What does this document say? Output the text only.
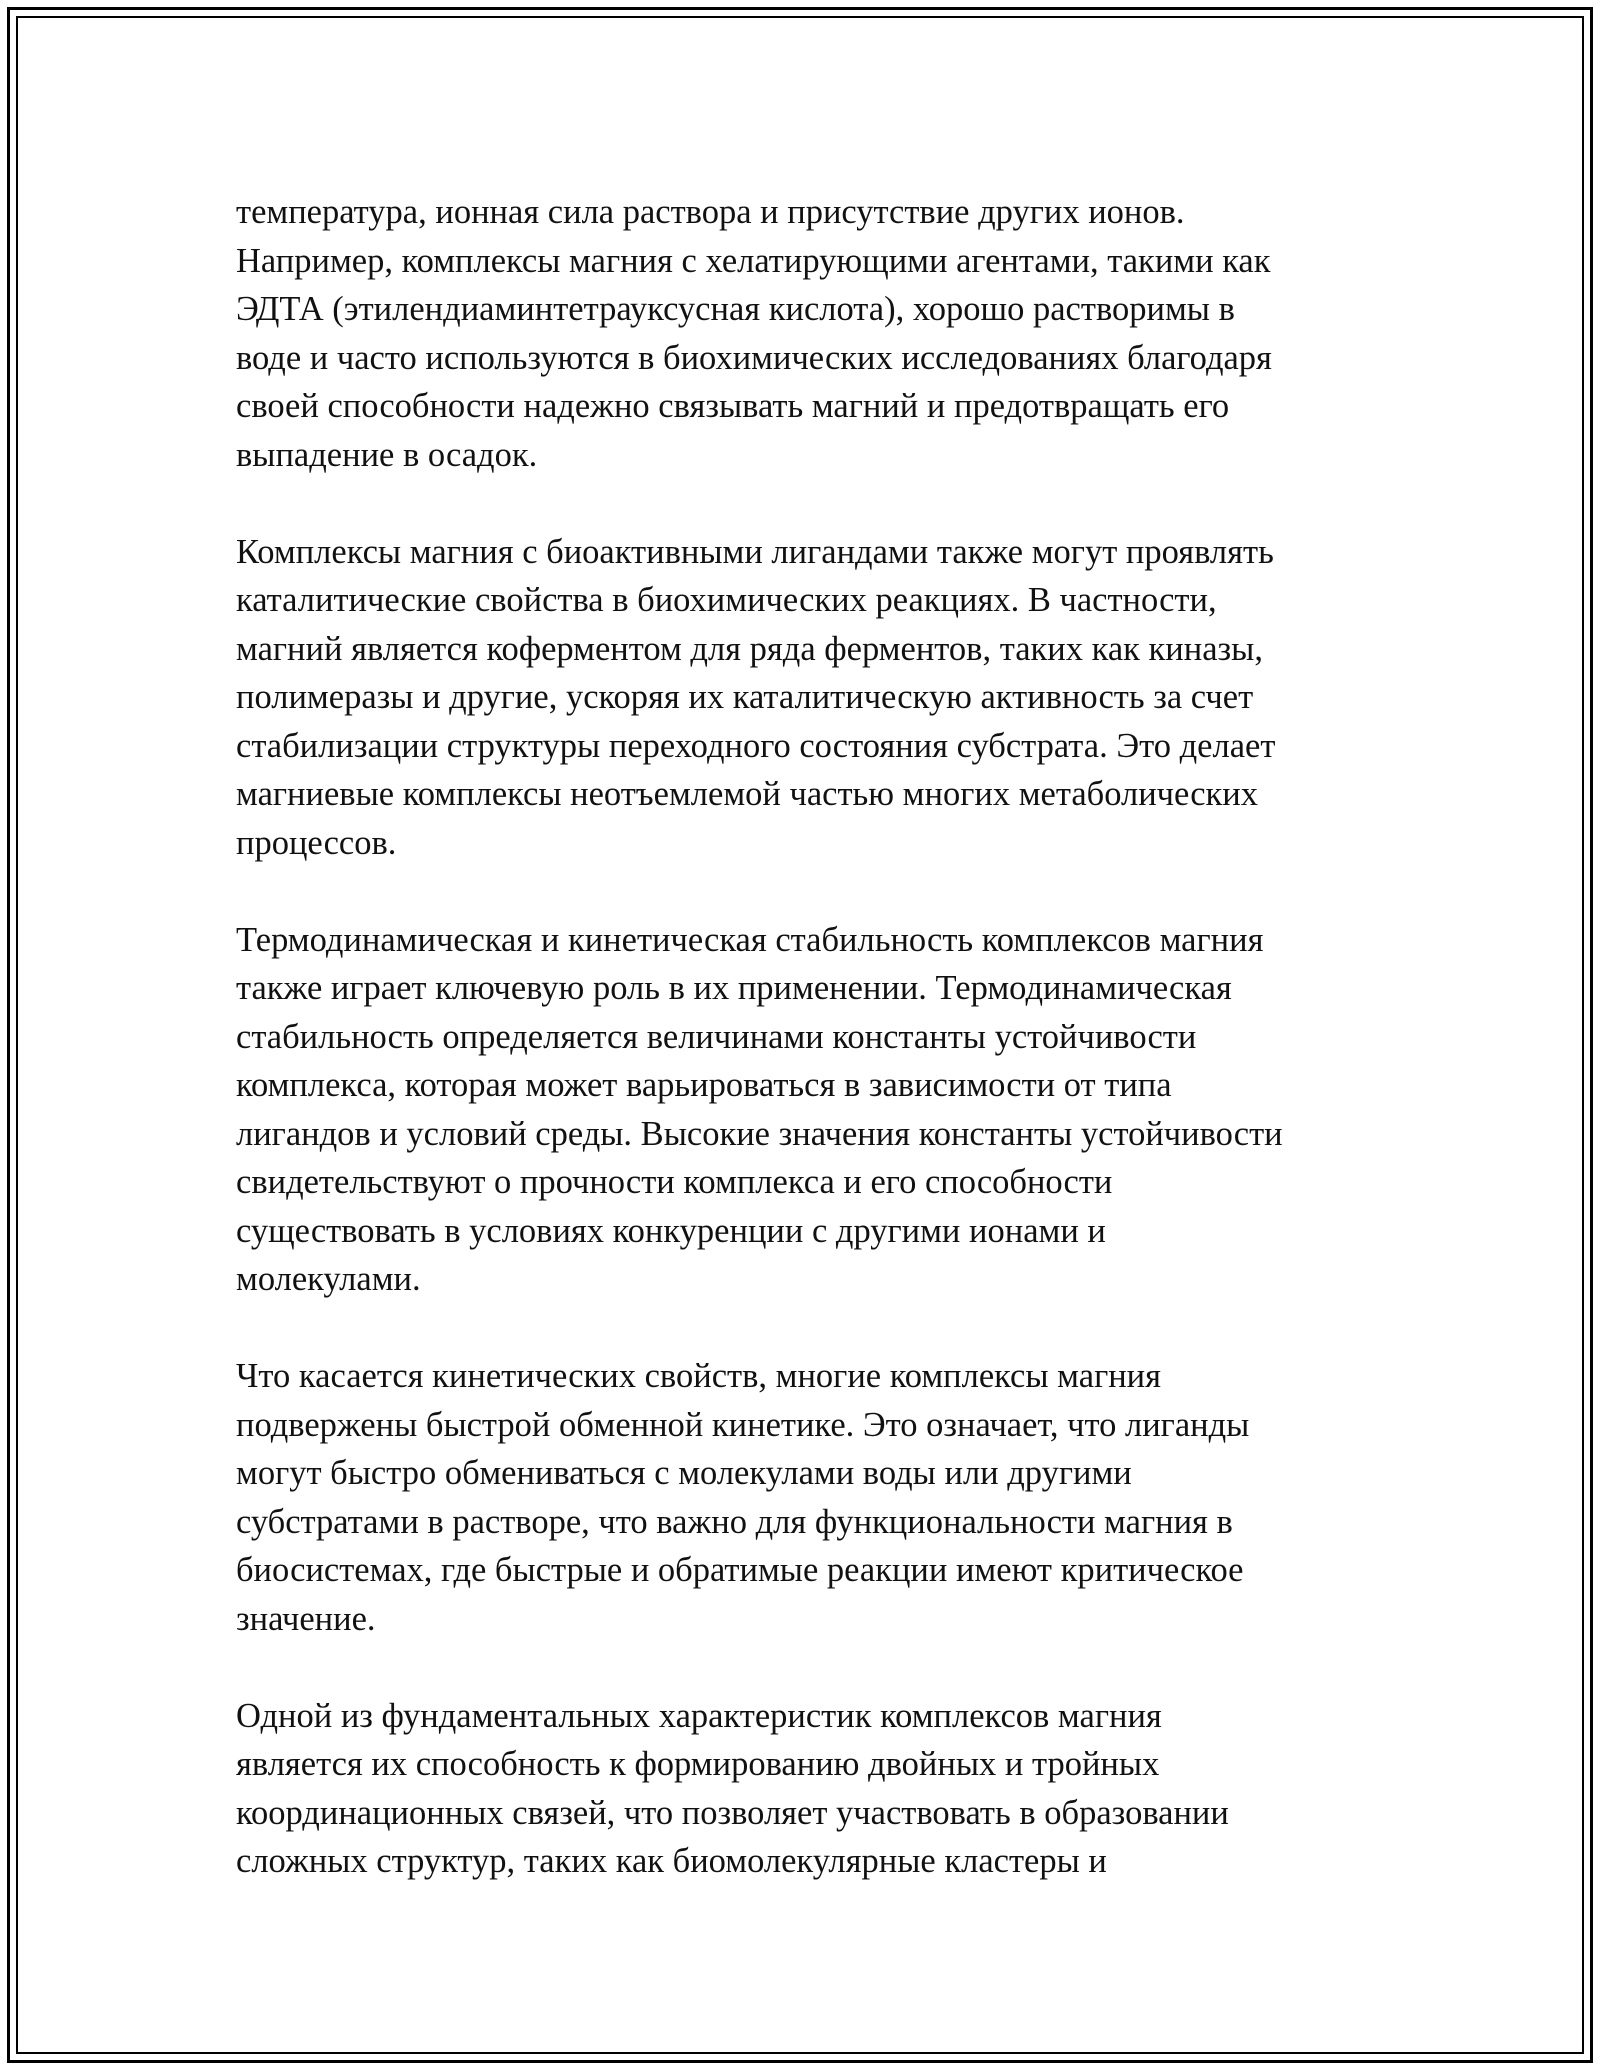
температура, ионная сила раствора и присутствие других ионов.
Например, комплексы магния с хелатирующими агентами, такими как
ЭДТА (этилендиаминтетрауксусная кислота), хорошо растворимы в
воде и часто используются в биохимических исследованиях благодаря
своей способности надежно связывать магний и предотвращать его
выпадение в осадок.

Комплексы магния с биоактивными лигандами также могут проявлять
каталитические свойства в биохимических реакциях. В частности,
магний является коферментом для ряда ферментов, таких как киназы,
полимеразы и другие, ускоряя их каталитическую активность за счет
стабилизации структуры переходного состояния субстрата. Это делает
магниевые комплексы неотъемлемой частью многих метаболических
процессов.

Термодинамическая и кинетическая стабильность комплексов магния
также играет ключевую роль в их применении. Термодинамическая
стабильность определяется величинами константы устойчивости
комплекса, которая может варьироваться в зависимости от типа
лигандов и условий среды. Высокие значения константы устойчивости
свидетельствуют о прочности комплекса и его способности
существовать в условиях конкуренции с другими ионами и
молекулами.

Что касается кинетических свойств, многие комплексы магния
подвержены быстрой обменной кинетике. Это означает, что лиганды
могут быстро обмениваться с молекулами воды или другими
субстратами в растворе, что важно для функциональности магния в
биосистемах, где быстрые и обратимые реакции имеют критическое
значение.

Одной из фундаментальных характеристик комплексов магния
является их способность к формированию двойных и тройных
координационных связей, что позволяет участвовать в образовании
сложных структур, таких как биомолекулярные кластеры и
